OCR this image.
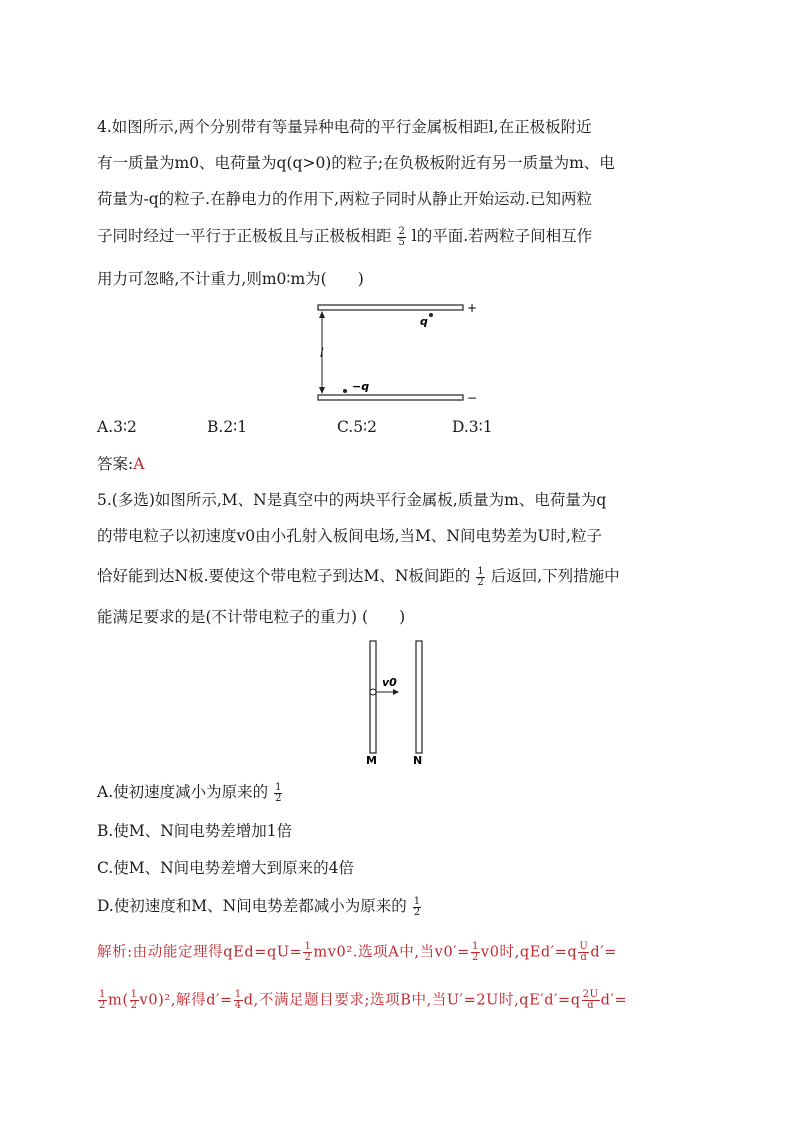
4.如图所示,两个分别带有等量异种电荷的平行金属板相距l,在正极板附近
有一质量为m0、电荷量为q(q>0)的粒子;在负极板附近有另一质量为m、电
荷量为-q的粒子.在静电力的作用下,两粒子同时从静止开始运动.已知两粒
子同时经过一平行于正极板且与正极板相距 $\frac{2}{5}$ l的平面.若两粒子间相互作
用力可忽略,不计重力,则m0∶m为(　　)
l
+
−
q
−q
A.3∶2	B.2∶1	C.5∶2	D.3∶1
答案:A
5.(多选)如图所示,M、N是真空中的两块平行金属板,质量为m、电荷量为q
的带电粒子以初速度v0由小孔射入板间电场,当M、N间电势差为U时,粒子
恰好能到达N板.要使这个带电粒子到达M、N板间距的 $\frac{1}{2}$ 后返回,下列措施中
能满足要求的是(不计带电粒子的重力) (　　)
v0
M	N
A.使初速度减小为原来的 $\frac{1}{2}$
B.使M、N间电势差增加1倍
C.使M、N间电势差增大到原来的4倍
D.使初速度和M、N间电势差都减小为原来的 $\frac{1}{2}$
解析:由动能定理得$qEd=qU= \frac{1}{2} mv0^2$.选项A中,当$v0'= \frac{1}{2} v0$时$,qEd'=q \frac{U}{d} d'=$
$\frac{1}{2} m( \frac{1}{2} v0)^2$,解得$d'= \frac{1}{4} d$,不满足题目要求;选项B中,当U′=2U时$,qE'd'=q \frac{2U}{d} d'=$
